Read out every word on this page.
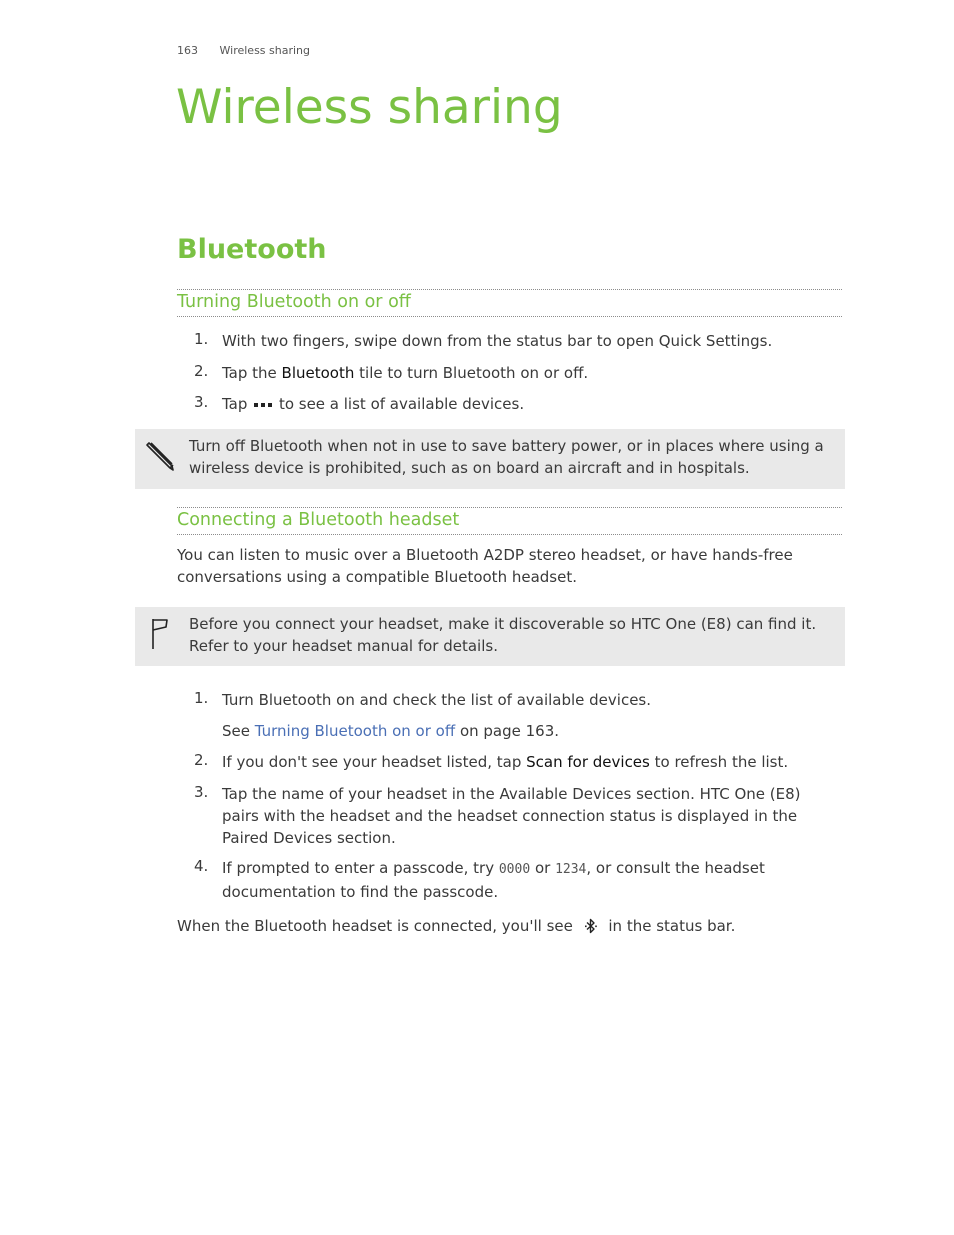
163 Wireless sharing
Wireless sharing
Bluetooth
Turning Bluetooth on or off
1. With two fingers, swipe down from the status bar to open Quick Settings.
2. Tap the Bluetooth tile to turn Bluetooth on or off.
3. Tap  to see a list of available devices.
Turn off Bluetooth when not in use to save battery power, or in places where using a wireless device is prohibited, such as on board an aircraft and in hospitals.
Connecting a Bluetooth headset
You can listen to music over a Bluetooth A2DP stereo headset, or have hands-free conversations using a compatible Bluetooth headset.
Before you connect your headset, make it discoverable so HTC One (E8) can find it. Refer to your headset manual for details.
1. Turn Bluetooth on and check the list of available devices.
See Turning Bluetooth on or off on page 163.
2. If you don't see your headset listed, tap Scan for devices to refresh the list.
3. Tap the name of your headset in the Available Devices section. HTC One (E8) pairs with the headset and the headset connection status is displayed in the Paired Devices section.
4. If prompted to enter a passcode, try 0000 or 1234, or consult the headset documentation to find the passcode.
When the Bluetooth headset is connected, you'll see  in the status bar.
